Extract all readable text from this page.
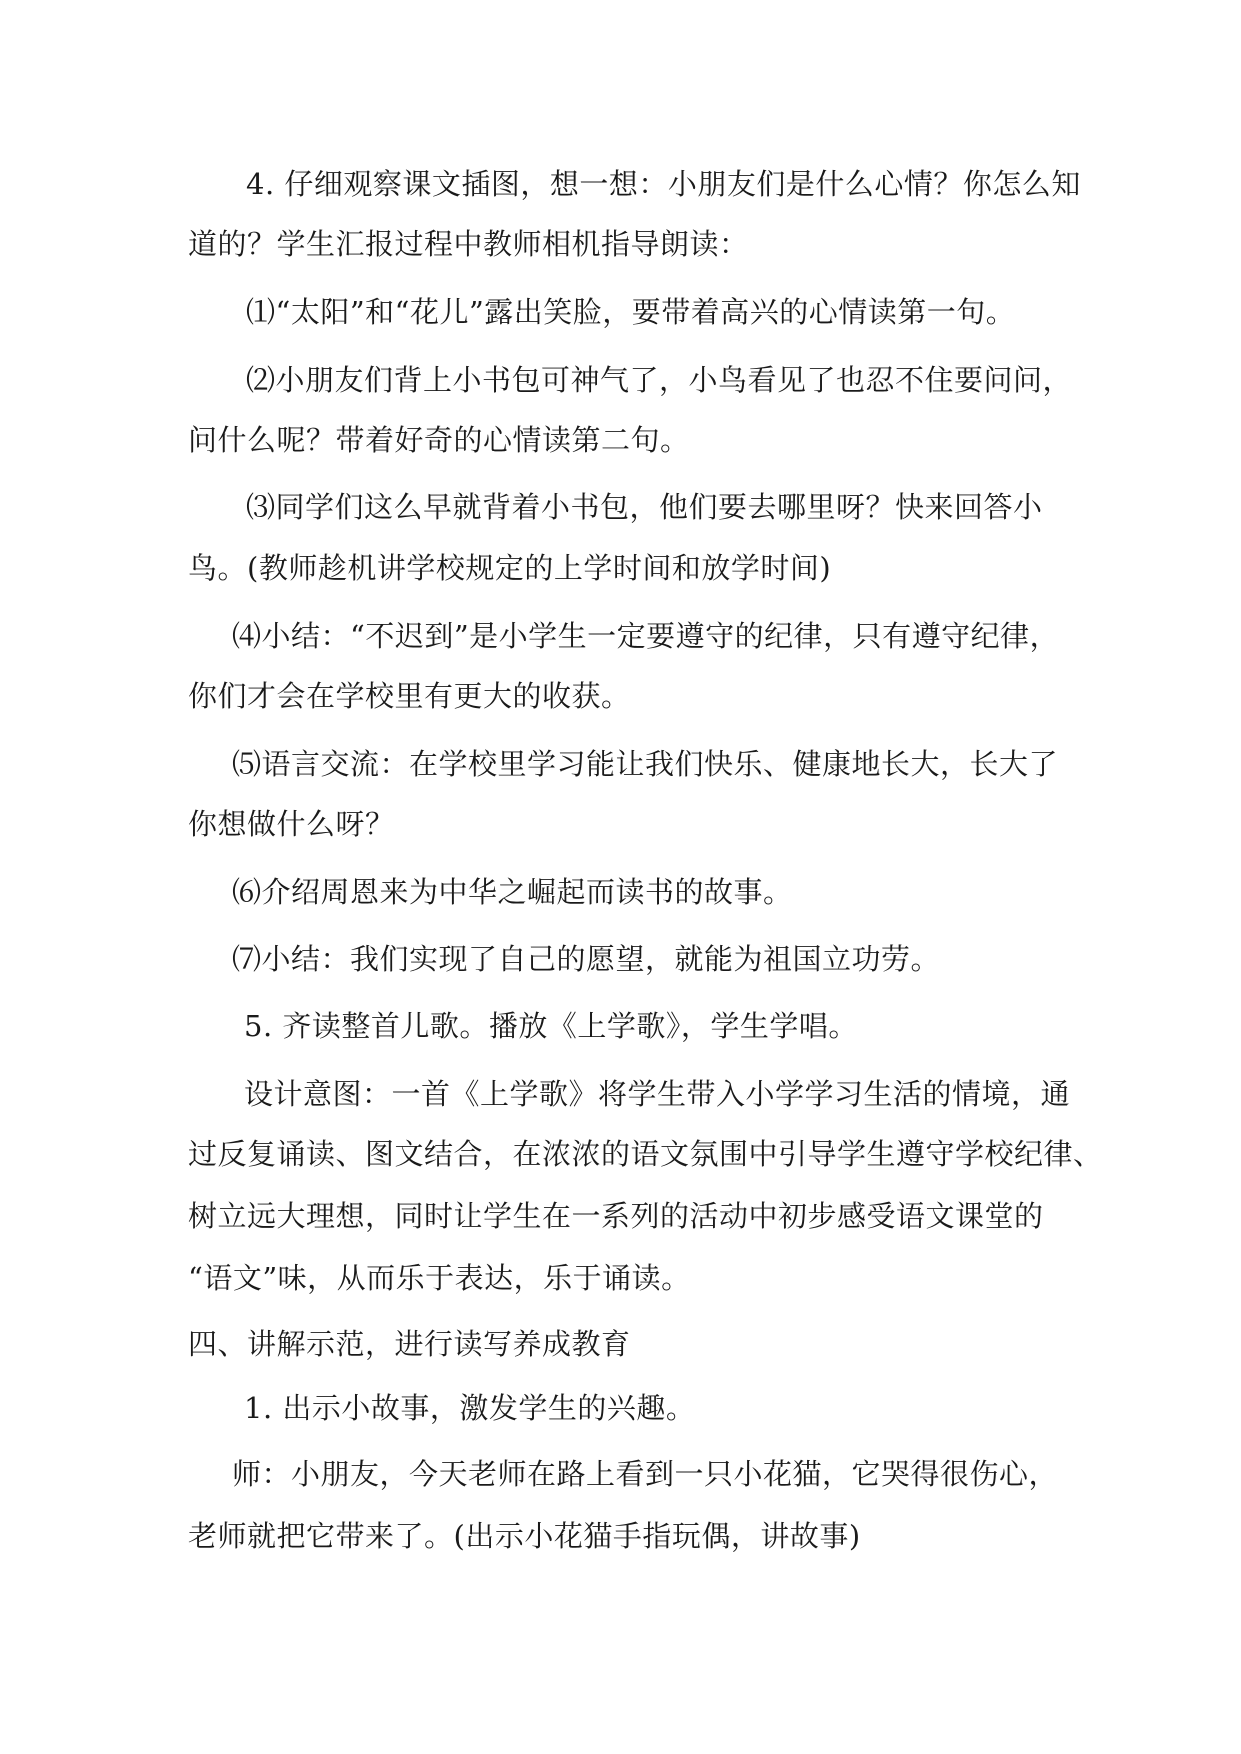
4. 仔细观察课文插图，想一想：小朋友们是什么心情？你怎么知
道的？学生汇报过程中教师相机指导朗读：
⑴“太阳”和“花儿”露出笑脸，要带着高兴的心情读第一句。
⑵小朋友们背上小书包可神气了，小鸟看见了也忍不住要问问，
问什么呢？带着好奇的心情读第二句。
⑶同学们这么早就背着小书包，他们要去哪里呀？快来回答小
鸟。(教师趁机讲学校规定的上学时间和放学时间)
⑷小结：“不迟到”是小学生一定要遵守的纪律，只有遵守纪律，
你们才会在学校里有更大的收获。
⑸语言交流：在学校里学习能让我们快乐、健康地长大，长大了
你想做什么呀？
⑹介绍周恩来为中华之崛起而读书的故事。
⑺小结：我们实现了自己的愿望，就能为祖国立功劳。
5. 齐读整首儿歌。播放《上学歌》，学生学唱。
设计意图：一首《上学歌》将学生带入小学学习生活的情境，通
过反复诵读、图文结合，在浓浓的语文氛围中引导学生遵守学校纪律、
树立远大理想，同时让学生在一系列的活动中初步感受语文课堂的
“语文”味，从而乐于表达，乐于诵读。
四、讲解示范，进行读写养成教育
1. 出示小故事，激发学生的兴趣。
师：小朋友，今天老师在路上看到一只小花猫，它哭得很伤心，
老师就把它带来了。(出示小花猫手指玩偶，讲故事)
